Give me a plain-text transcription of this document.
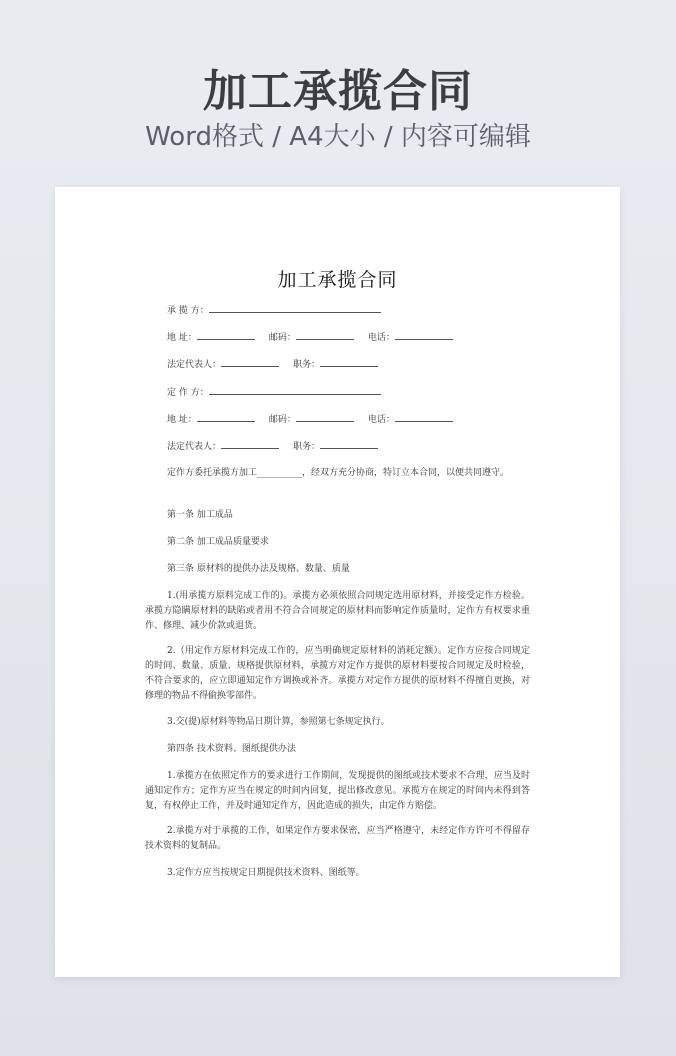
加工承揽合同
Word格式 / A4大小 / 内容可编辑
加工承揽合同
承 揽 方：
地 址：	邮码：	电话：
法定代表人：	职务：
定 作 方：
地 址：	邮码：	电话：
法定代表人：	职务：
定作方委托承揽方加工__________，经双方充分协商，特订立本合同，以便共同遵守。
第一条 加工成品
第二条 加工成品质量要求
第三条 原材料的提供办法及规格、数量、质量
1.(用承揽方原料完成工作的)。承揽方必须依照合同规定选用原材料，并接受定作方检验。承揽方隐瞒原材料的缺陷或者用不符合合同规定的原材料而影响定作质量时，定作方有权要求重作、修理、减少价款或退货。
2.（用定作方原材料完成工作的，应当明确规定原材料的消耗定额）。定作方应按合同规定的时间、数量、质量、规格提供原材料，承揽方对定作方提供的原材料要按合同规定及时检验，不符合要求的，应立即通知定作方调换或补齐。承揽方对定作方提供的原材料不得擅自更换，对修理的物品不得偷换零部件。
3.交(提)原材料等物品日期计算，参照第七条规定执行。
第四条 技术资料、图纸提供办法
1.承揽方在依照定作方的要求进行工作期间，发现提供的图纸或技术要求不合理，应当及时通知定作方；定作方应当在规定的时间内回复，提出修改意见。承揽方在规定的时间内未得到答复，有权停止工作，并及时通知定作方，因此造成的损失，由定作方赔偿。
2.承揽方对于承揽的工作，如果定作方要求保密，应当严格遵守，未经定作方许可不得留存技术资料的复制品。
3.定作方应当按规定日期提供技术资料、图纸等。
